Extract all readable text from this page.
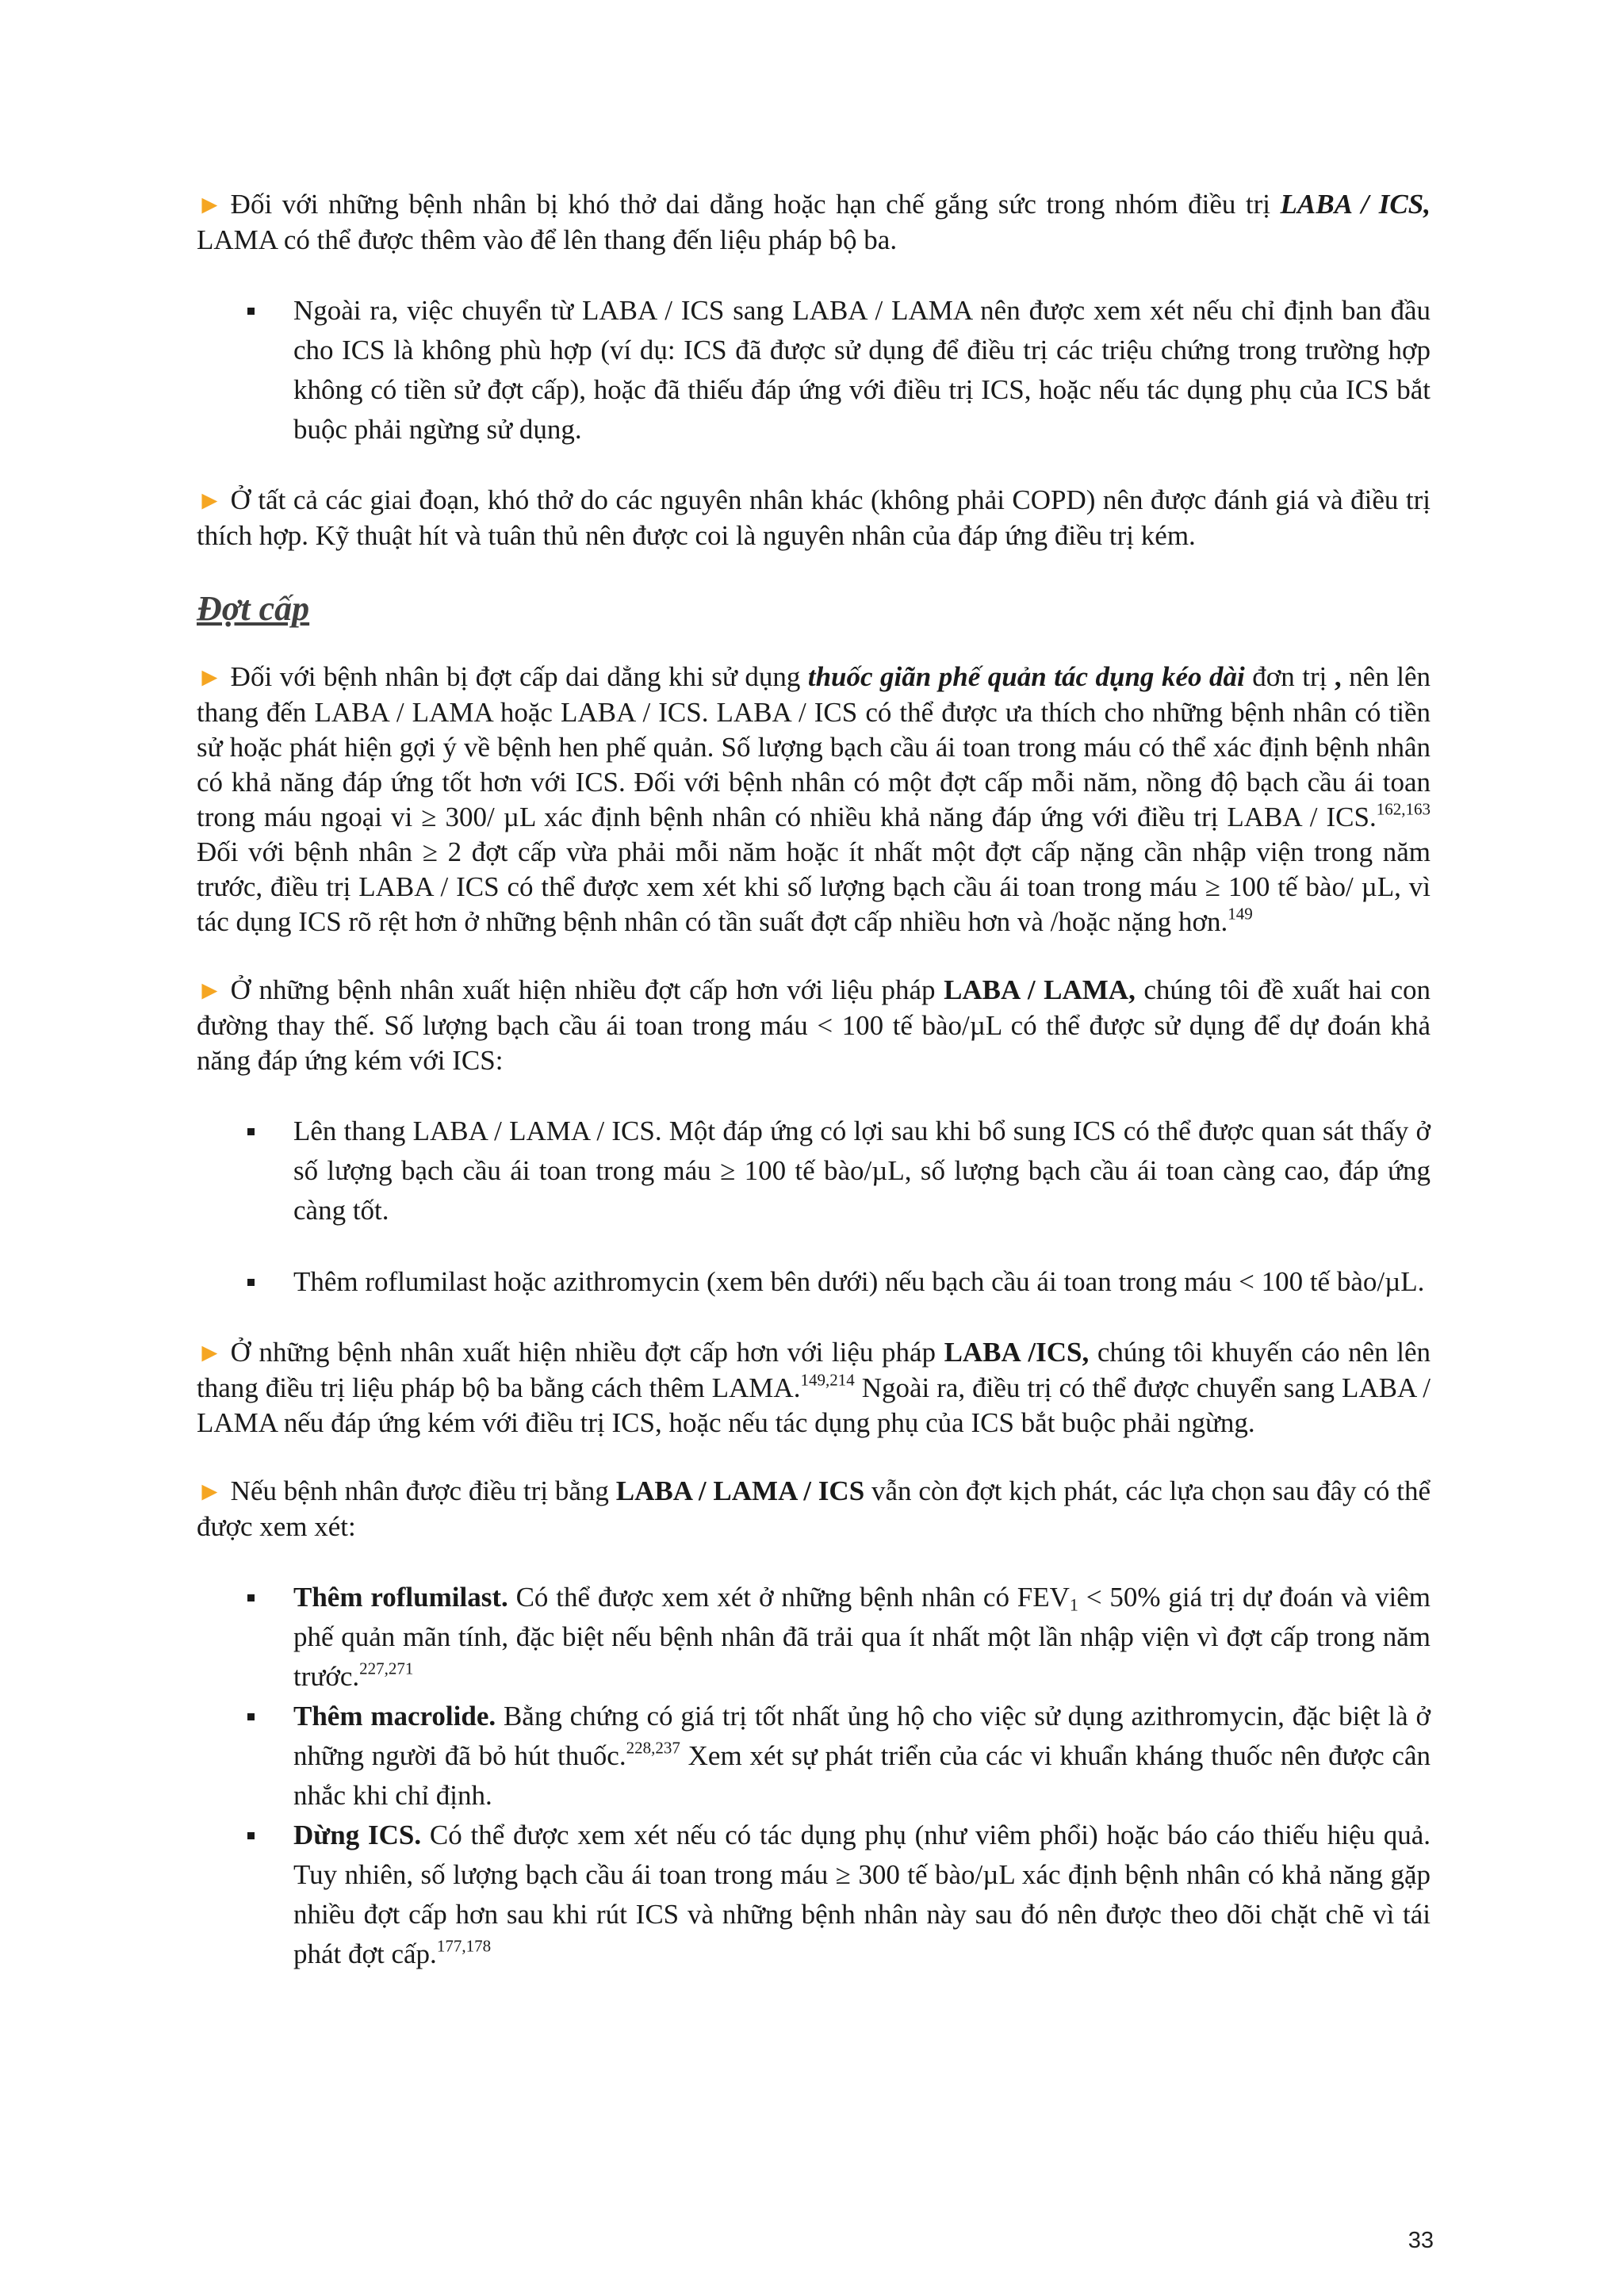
► Đối với những bệnh nhân bị khó thở dai dẳng hoặc hạn chế gắng sức trong nhóm điều trị LABA / ICS, LAMA có thể được thêm vào để lên thang đến liệu pháp bộ ba.

Ngoài ra, việc chuyển từ LABA / ICS sang LABA / LAMA nên được xem xét nếu chỉ định ban đầu cho ICS là không phù hợp (ví dụ: ICS đã được sử dụng để điều trị các triệu chứng trong trường hợp không có tiền sử đợt cấp), hoặc đã thiếu đáp ứng với điều trị ICS, hoặc nếu tác dụng phụ của ICS bắt buộc phải ngừng sử dụng.

► Ở tất cả các giai đoạn, khó thở do các nguyên nhân khác (không phải COPD) nên được đánh giá và điều trị thích hợp. Kỹ thuật hít và tuân thủ nên được coi là nguyên nhân của đáp ứng điều trị kém.

Đợt cấp

► Đối với bệnh nhân bị đợt cấp dai dẳng khi sử dụng thuốc giãn phế quản tác dụng kéo dài đơn trị , nên lên thang đến LABA / LAMA hoặc LABA / ICS. LABA / ICS có thể được ưa thích cho những bệnh nhân có tiền sử hoặc phát hiện gợi ý về bệnh hen phế quản. Số lượng bạch cầu ái toan trong máu có thể xác định bệnh nhân có khả năng đáp ứng tốt hơn với ICS. Đối với bệnh nhân có một đợt cấp mỗi năm, nồng độ bạch cầu ái toan trong máu ngoại vi ≥ 300/ µL xác định bệnh nhân có nhiều khả năng đáp ứng với điều trị LABA / ICS.$^{162,163}$ Đối với bệnh nhân ≥ 2 đợt cấp vừa phải mỗi năm hoặc ít nhất một đợt cấp nặng cần nhập viện trong năm trước, điều trị LABA / ICS có thể được xem xét khi số lượng bạch cầu ái toan trong máu ≥ 100 tế bào/ µL, vì tác dụng ICS rõ rệt hơn ở những bệnh nhân có tần suất đợt cấp nhiều hơn và /hoặc nặng hơn.$^{149}$

► Ở những bệnh nhân xuất hiện nhiều đợt cấp hơn với liệu pháp LABA / LAMA, chúng tôi đề xuất hai con đường thay thế. Số lượng bạch cầu ái toan trong máu < 100 tế bào/µL có thể được sử dụng để dự đoán khả năng đáp ứng kém với ICS:

Lên thang LABA / LAMA / ICS. Một đáp ứng có lợi sau khi bổ sung ICS có thể được quan sát thấy ở số lượng bạch cầu ái toan trong máu ≥ 100 tế bào/µL, số lượng bạch cầu ái toan càng cao, đáp ứng càng tốt.
Thêm roflumilast hoặc azithromycin (xem bên dưới) nếu bạch cầu ái toan trong máu < 100 tế bào/µL.

► Ở những bệnh nhân xuất hiện nhiều đợt cấp hơn với liệu pháp LABA /ICS, chúng tôi khuyến cáo nên lên thang điều trị liệu pháp bộ ba bằng cách thêm LAMA.$^{149,214}$ Ngoài ra, điều trị có thể được chuyển sang LABA / LAMA nếu đáp ứng kém với điều trị ICS, hoặc nếu tác dụng phụ của ICS bắt buộc phải ngừng.

► Nếu bệnh nhân được điều trị bằng LABA / LAMA / ICS vẫn còn đợt kịch phát, các lựa chọn sau đây có thể được xem xét:

Thêm roflumilast. Có thể được xem xét ở những bệnh nhân có $FEV_1 < 50\%$ giá trị dự đoán và viêm phế quản mãn tính, đặc biệt nếu bệnh nhân đã trải qua ít nhất một lần nhập viện vì đợt cấp trong năm trước.$^{227,271}$
Thêm macrolide. Bằng chứng có giá trị tốt nhất ủng hộ cho việc sử dụng azithromycin, đặc biệt là ở những người đã bỏ hút thuốc.$^{228,237}$ Xem xét sự phát triển của các vi khuẩn kháng thuốc nên được cân nhắc khi chỉ định.
Dừng ICS. Có thể được xem xét nếu có tác dụng phụ (như viêm phổi) hoặc báo cáo thiếu hiệu quả. Tuy nhiên, số lượng bạch cầu ái toan trong máu ≥ 300 tế bào/µL xác định bệnh nhân có khả năng gặp nhiều đợt cấp hơn sau khi rút ICS và những bệnh nhân này sau đó nên được theo dõi chặt chẽ vì tái phát đợt cấp.$^{177,178}$
33
